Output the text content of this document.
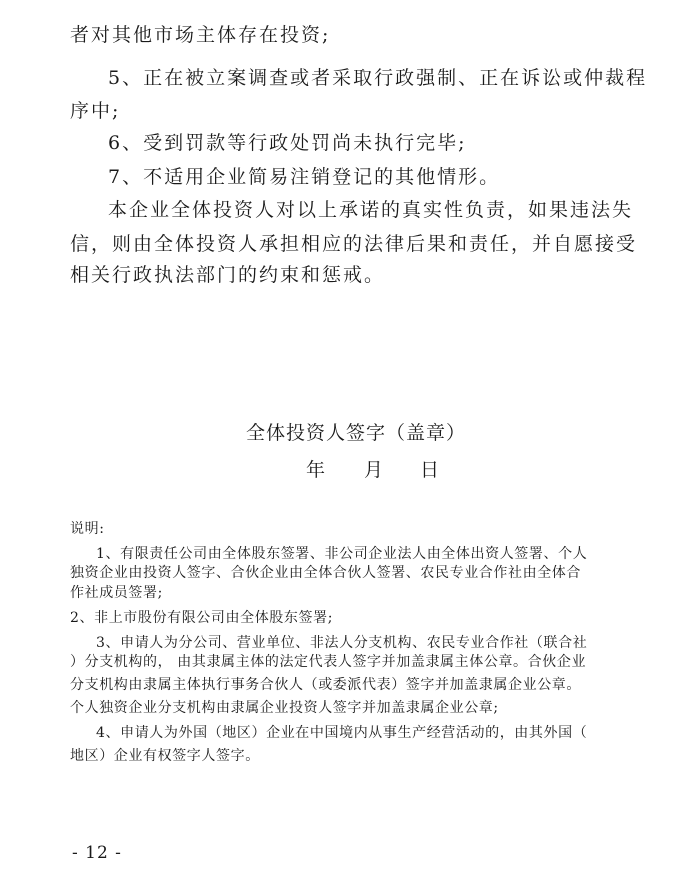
者对其他市场主体存在投资;

5、正在被立案调查或者采取行政强制、正在诉讼或仲裁程

序中;

6、受到罚款等行政处罚尚未执行完毕;

7、不适用企业简易注销登记的其他情形。

本企业全体投资人对以上承诺的真实性负责，如果违法失

信，则由全体投资人承担相应的法律后果和责任，并自愿接受

相关行政执法部门的约束和惩戒。

全体投资人签字（盖章）

年 月 日

说明:

1、有限责任公司由全体股东签署、非公司企业法人由全体出资人签署、个人

独资企业由投资人签字、合伙企业由全体合伙人签署、农民专业合作社由全体合

作社成员签署;

2、非上市股份有限公司由全体股东签署;

3、申请人为分公司、营业单位、非法人分支机构、农民专业合作社（联合社

）分支机构的， 由其隶属主体的法定代表人签字并加盖隶属主体公章。合伙企业

分支机构由隶属主体执行事务合伙人（或委派代表）签字并加盖隶属企业公章。

个人独资企业分支机构由隶属企业投资人签字并加盖隶属企业公章;

4、申请人为外国（地区）企业在中国境内从事生产经营活动的，由其外国（

地区）企业有权签字人签字。

- 12 -
